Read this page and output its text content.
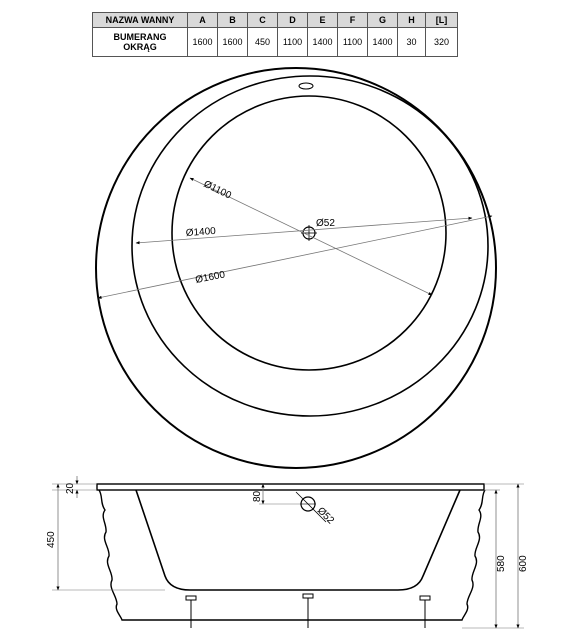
NAZWA WANNY	A	B	C	D	E	F	G	H	[L]
BUMERANG
OKRĄG	1600	1600	450	1100	1400	1100	1400	30	320
Ø1100
Ø1400
Ø1600
Ø52
80
Ø52
20
450
580 600
